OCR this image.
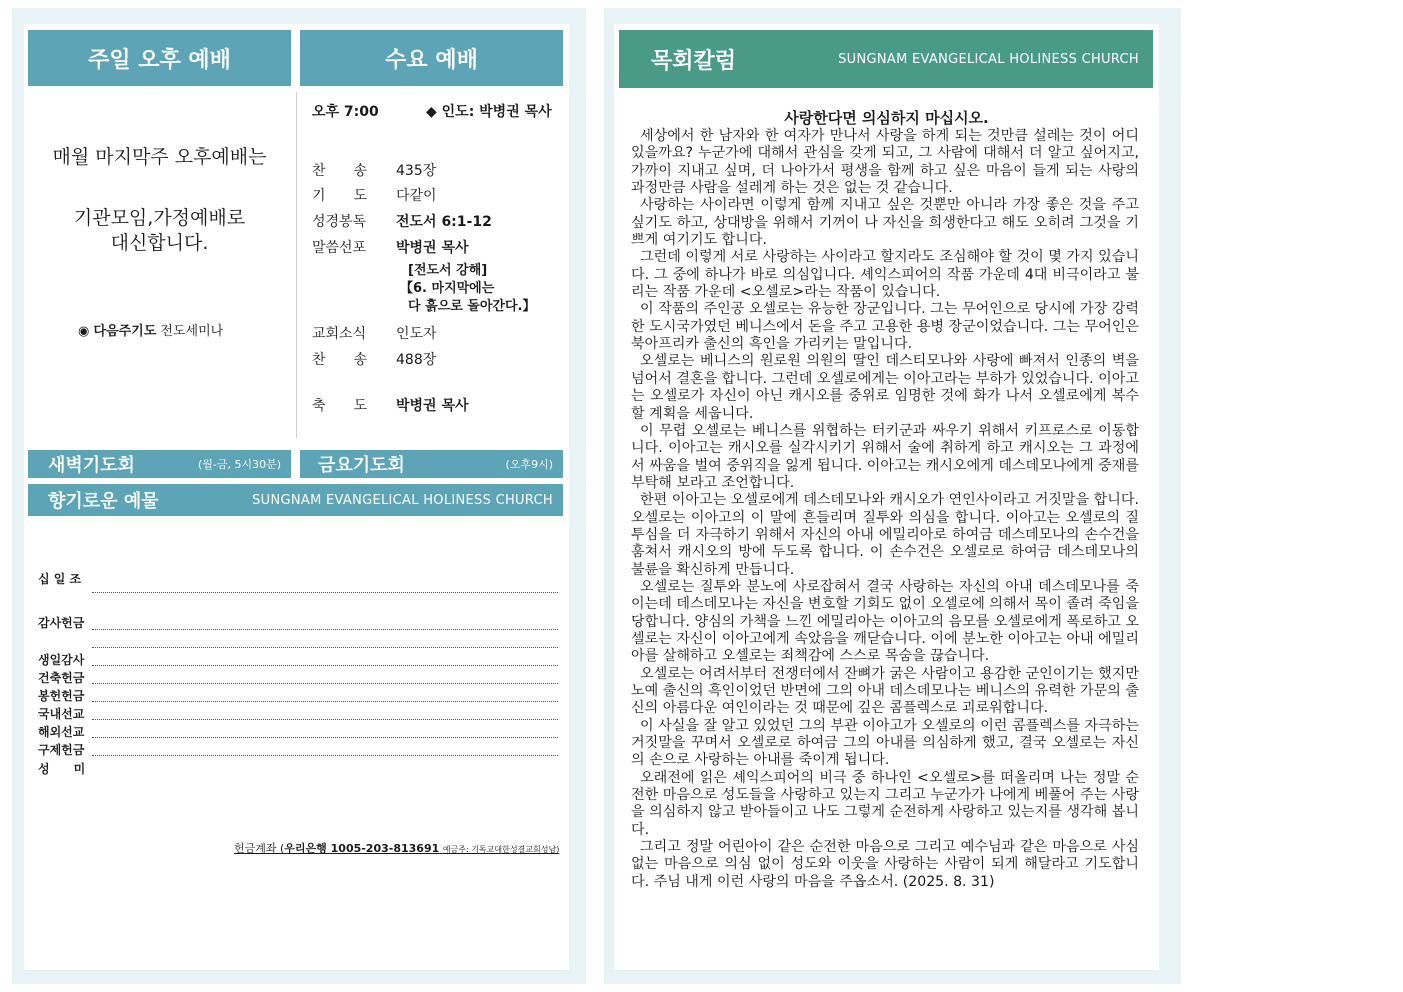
주일 오후 예배
매월 마지막주 오후예배는
기관모임,가정예배로
대신합니다.
◉ 다음주기도 전도세미나
수요 예배
오후 7:00	◆ 인도: 박병권 목사
찬　　송	435장
기　　도	다같이
성경봉독	전도서 6:1-12
말씀선포	박병권 목사
[전도서 강해]
【6. 마지막에는
다 흙으로 돌아간다.】
교회소식	인도자
찬　　송	488장
축　　도	박병권 목사
새벽기도회	(월-금, 5시30분) 금요기도회	(오후9시)
향기로운 예물	SUNGNAM EVANGELICAL HOLINESS CHURCH
십 일 조
감사헌금
생일감사
건축헌금
봉헌헌금
국내선교
해외선교
구제헌금
성　　미
헌금계좌 (우리은행 1005-203-813691 예금주: 기독교대한성결교회성남)
목회칼럼	SUNGNAM EVANGELICAL HOLINESS CHURCH
사랑한다면 의심하지 마십시오.

세상에서 한 남자와 한 여자가 만나서 사랑을 하게 되는 것만큼 설레는 것이 어디 있을까요? 누군가에 대해서 관심을 갖게 되고, 그 사람에 대해서 더 알고 싶어지고, 가까이 지내고 싶며, 더 나아가서 평생을 함께 하고 싶은 마음이 들게 되는 사랑의 과정만큼 사람을 설레게 하는 것은 없는 것 같습니다.

사랑하는 사이라면 이렇게 함께 지내고 싶은 것뿐만 아니라 가장 좋은 것을 주고 싶기도 하고, 상대방을 위해서 기꺼이 나 자신을 희생한다고 해도 오히려 그것을 기쁘게 여기기도 합니다.

그런데 이렇게 서로 사랑하는 사이라고 할지라도 조심해야 할 것이 몇 가지 있습니다. 그 중에 하나가 바로 의심입니다. 셰익스피어의 작품 가운데 4대 비극이라고 불리는 작품 가운데 <오셀로>라는 작품이 있습니다.

이 작품의 주인공 오셀로는 유능한 장군입니다. 그는 무어인으로 당시에 가장 강력한 도시국가였던 베니스에서 돈을 주고 고용한 용병 장군이었습니다. 그는 무어인은 북아프리카 출신의 흑인을 가리키는 말입니다.

오셀로는 베니스의 원로원 의원의 딸인 데스티모나와 사랑에 빠져서 인종의 벽을 넘어서 결혼을 합니다. 그런데 오셀로에게는 이아고라는 부하가 있었습니다. 이아고는 오셀로가 자신이 아닌 캐시오를 중위로 임명한 것에 화가 나서 오셀로에게 복수할 계획을 세웁니다.

이 무렵 오셀로는 베니스를 위협하는 터키군과 싸우기 위해서 키프로스로 이동합니다. 이아고는 캐시오를 실각시키기 위해서 술에 취하게 하고 캐시오는 그 과정에서 싸움을 벌여 중위직을 잃게 됩니다. 이아고는 캐시오에게 데스데모나에게 중재를 부탁해 보라고 조언합니다.

한편 이아고는 오셀로에게 데스데모나와 캐시오가 연인사이라고 거짓말을 합니다. 오셀로는 이아고의 이 말에 흔들리며 질투와 의심을 합니다. 이아고는 오셀로의 질투심을 더 자극하기 위해서 자신의 아내 에밀리아로 하여금 데스데모나의 손수건을 훔쳐서 캐시오의 방에 두도록 합니다. 이 손수건은 오셀로로 하여금 데스데모나의 불륜을 확신하게 만듭니다.

오셀로는 질투와 분노에 사로잡혀서 결국 사랑하는 자신의 아내 데스데모나를 죽이는데 데스데모나는 자신을 변호할 기회도 없이 오셀로에 의해서 목이 졸려 죽임을 당합니다. 양심의 가책을 느낀 에밀리아는 이아고의 음모를 오셀로에게 폭로하고 오셀로는 자신이 이아고에게 속았음을 깨닫습니다. 이에 분노한 이아고는 아내 에밀리아를 살해하고 오셀로는 죄책감에 스스로 목숨을 끊습니다.

오셀로는 어려서부터 전쟁터에서 잔뼈가 굵은 사람이고 용감한 군인이기는 했지만 노예 출신의 흑인이었던 반면에 그의 아내 데스데모나는 베니스의 유력한 가문의 출신의 아름다운 여인이라는 것 때문에 깊은 콤플렉스로 괴로워합니다.

이 사실을 잘 알고 있었던 그의 부관 이아고가 오셀로의 이런 콤플렉스를 자극하는 거짓말을 꾸며서 오셀로로 하여금 그의 아내를 의심하게 했고, 결국 오셀로는 자신의 손으로 사랑하는 아내를 죽이게 됩니다.

오래전에 읽은 셰익스피어의 비극 중 하나인 <오셀로>를 떠올리며 나는 정말 순전한 마음으로 성도들을 사랑하고 있는지 그리고 누군가가 나에게 베풀어 주는 사랑을 의심하지 않고 받아들이고 나도 그렇게 순전하게 사랑하고 있는지를 생각해 봅니다.

그리고 정말 어린아이 같은 순전한 마음으로 그리고 예수님과 같은 마음으로 사심 없는 마음으로 의심 없이 성도와 이웃을 사랑하는 사람이 되게 해달라고 기도합니다. 주님 내게 이런 사랑의 마음을 주옵소서. (2025. 8. 31)
